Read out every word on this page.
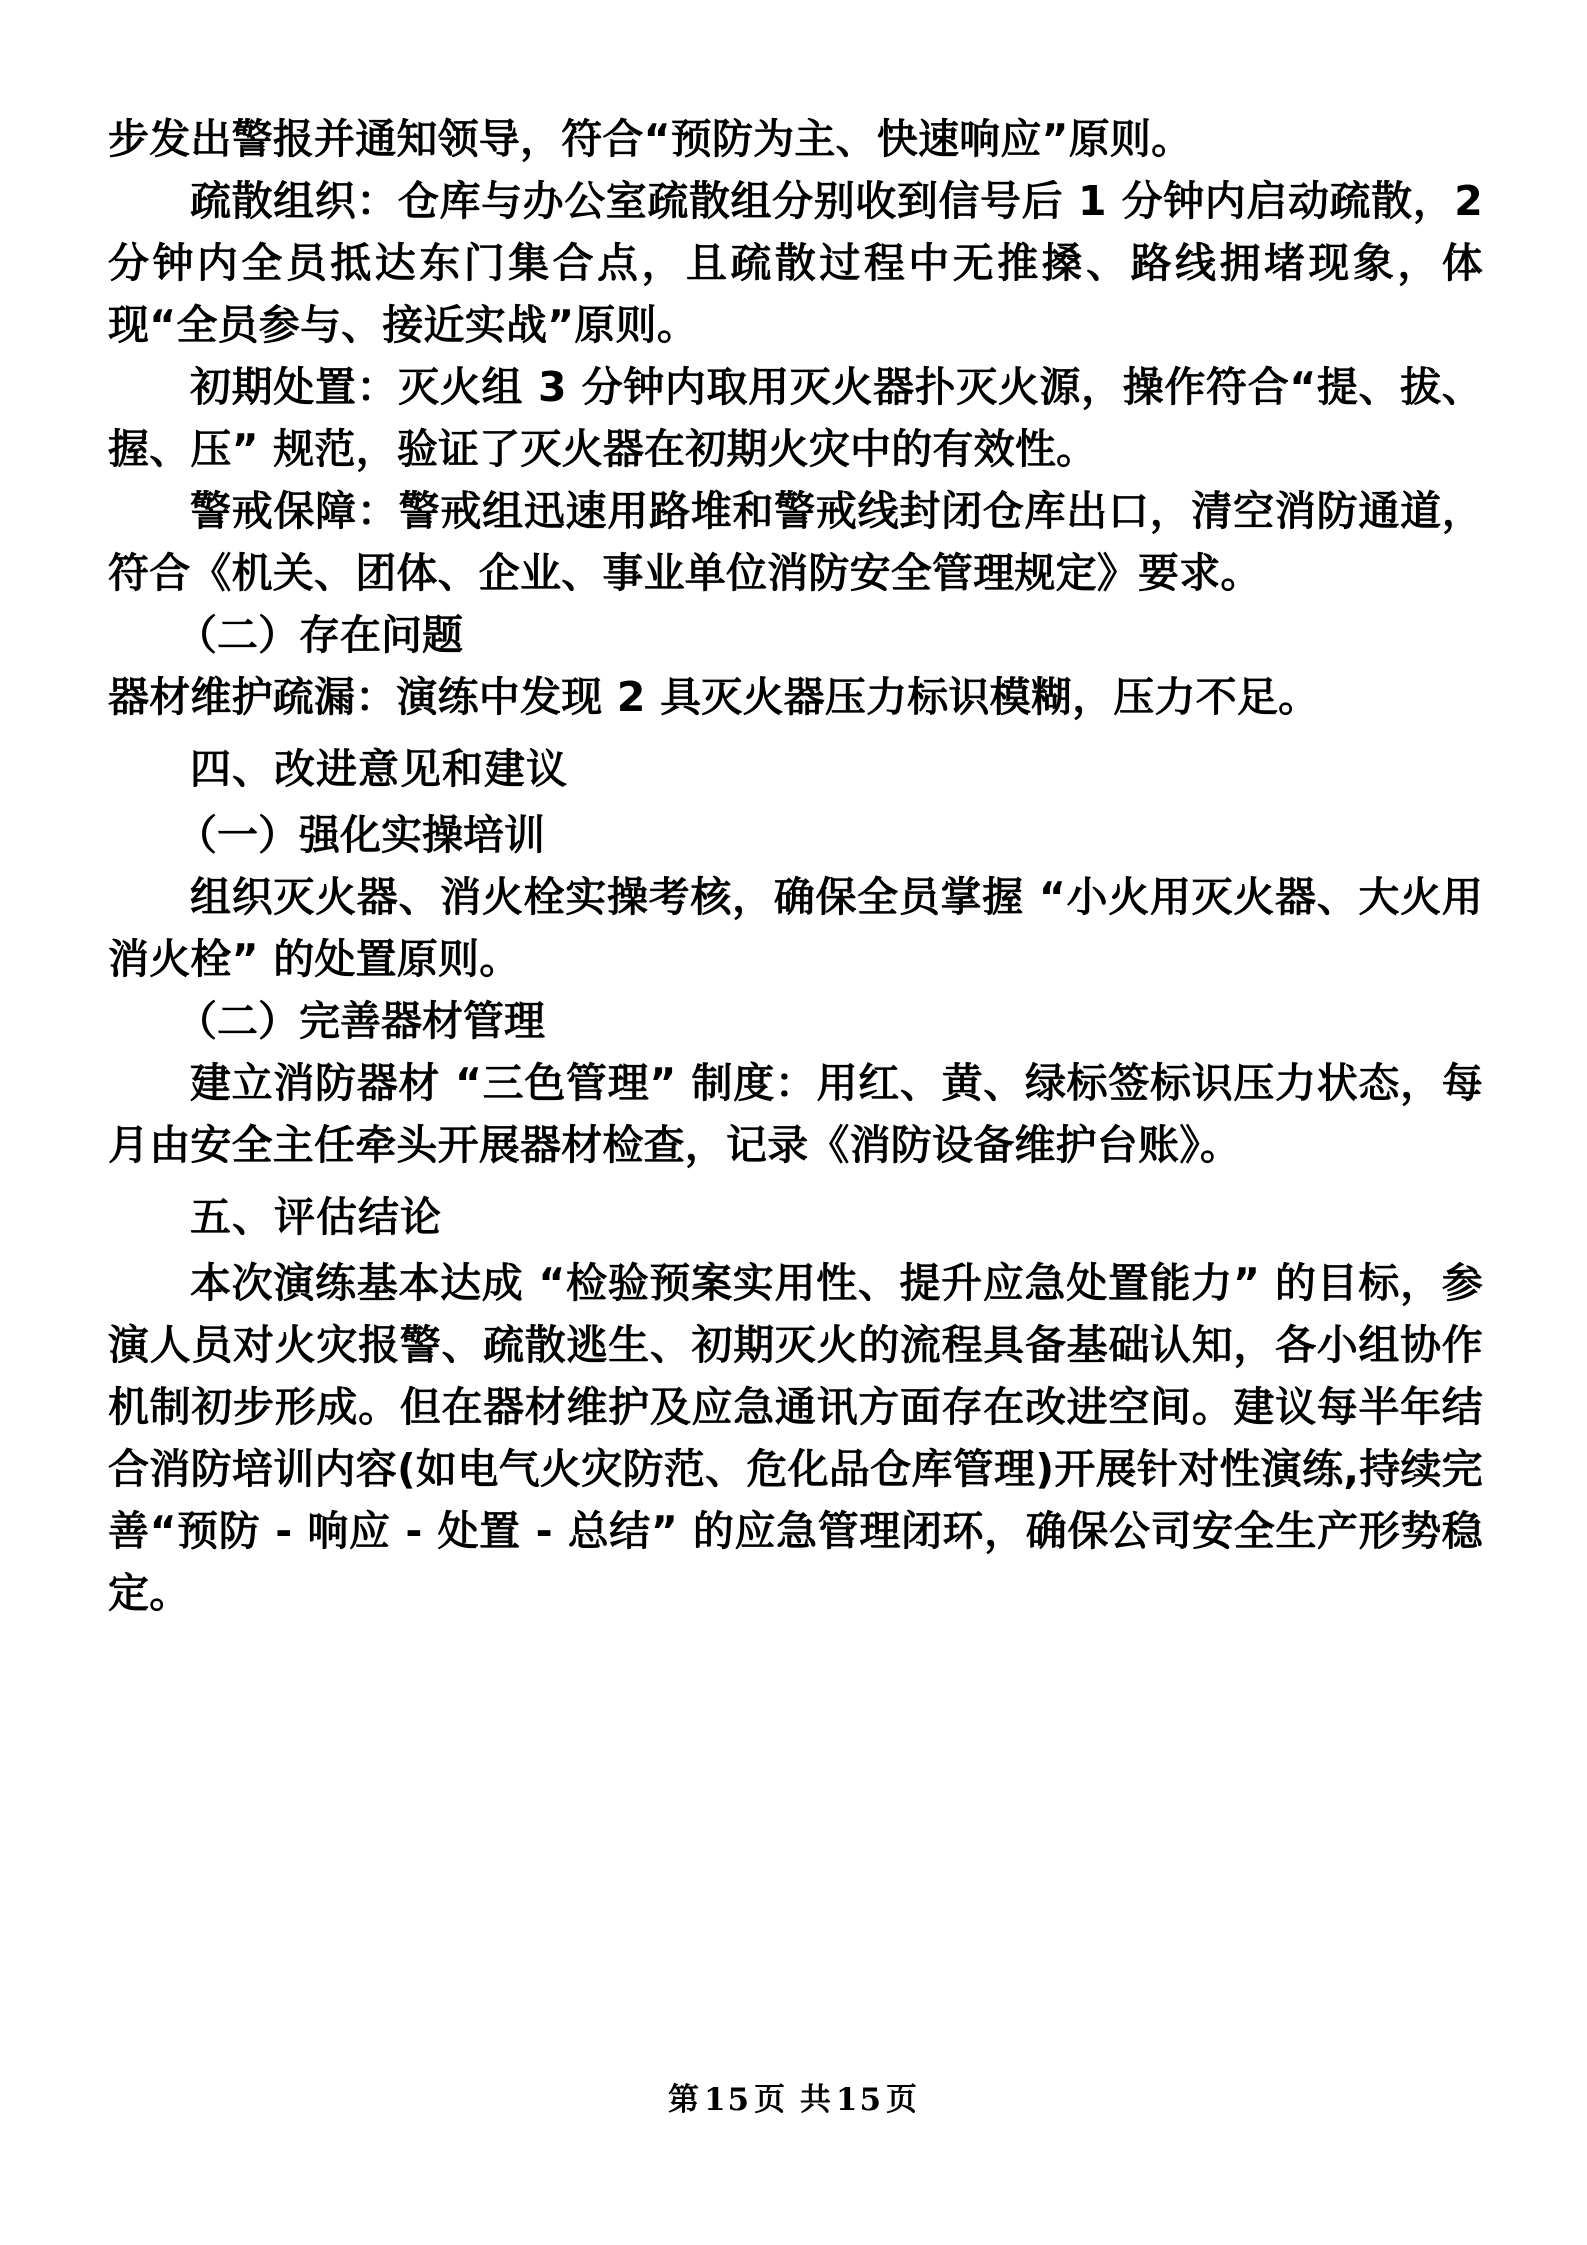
步发出警报并通知领导，符合“预防为主、快速响应”原则。

疏散组织：仓库与办公室疏散组分别收到信号后 1 分钟内启动疏散，2 分钟内全员抵达东门集合点，且疏散过程中无推搡、路线拥堵现象，体现“全员参与、接近实战”原则。

初期处置：灭火组 3 分钟内取用灭火器扑灭火源，操作符合“提、拔、握、压” 规范，验证了灭火器在初期火灾中的有效性。

警戒保障：警戒组迅速用路堆和警戒线封闭仓库出口，清空消防通道，符合《机关、团体、企业、事业单位消防安全管理规定》要求。

（二）存在问题

器材维护疏漏：演练中发现 2 具灭火器压力标识模糊，压力不足。

四、改进意见和建议

（一）强化实操培训

组织灭火器、消火栓实操考核，确保全员掌握 “小火用灭火器、大火用消火栓” 的处置原则。

（二）完善器材管理

建立消防器材 “三色管理” 制度：用红、黄、绿标签标识压力状态，每月由安全主任牵头开展器材检查，记录《消防设备维护台账》。

五、评估结论

本次演练基本达成 “检验预案实用性、提升应急处置能力” 的目标，参演人员对火灾报警、疏散逃生、初期灭火的流程具备基础认知，各小组协作机制初步形成。但在器材维护及应急通讯方面存在改进空间。建议每半年结合消防培训内容(如电气火灾防范、危化品仓库管理)开展针对性演练,持续完善“预防 - 响应 - 处置 - 总结” 的应急管理闭环，确保公司安全生产形势稳定。

第15页 共15页
